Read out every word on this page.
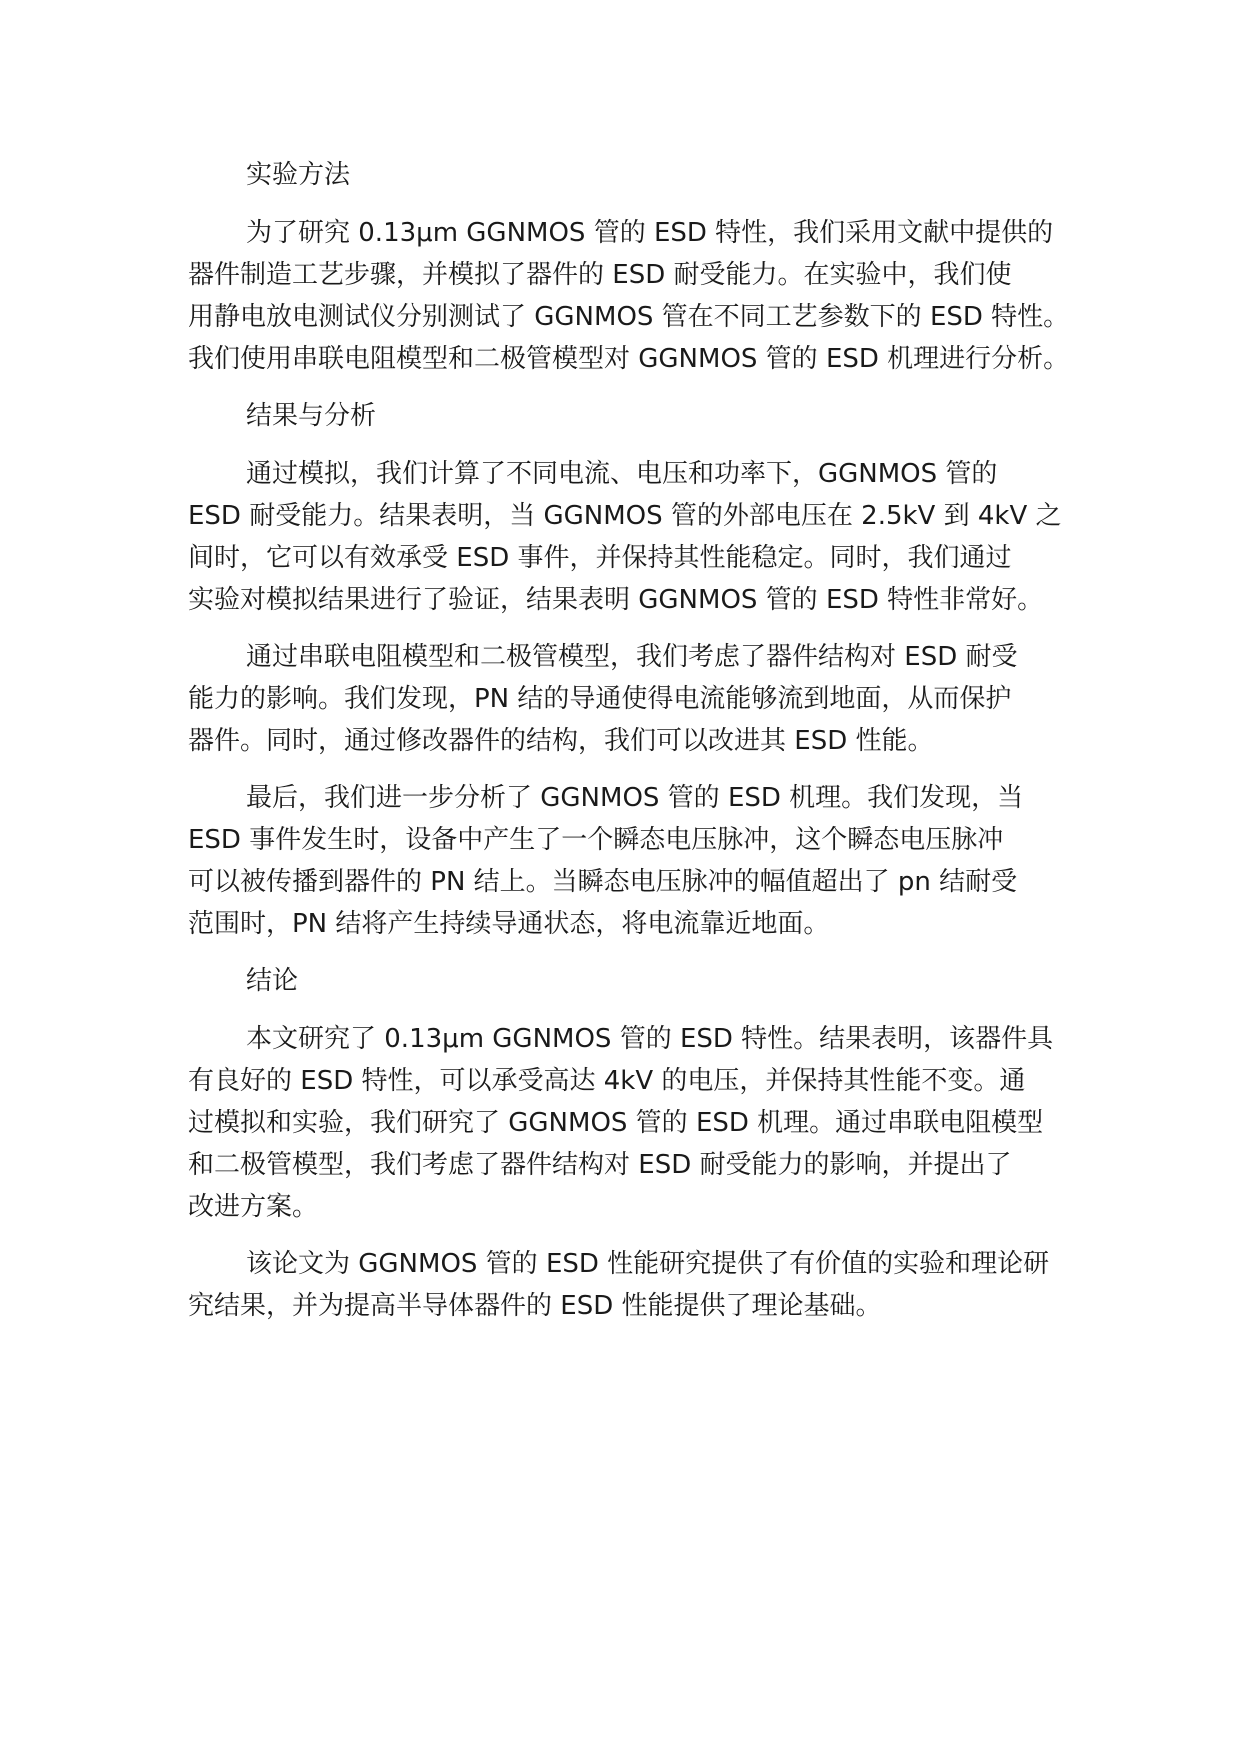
实验方法
为了研究 0.13μm GGNMOS 管的 ESD 特性，我们采用文献中提供的
器件制造工艺步骤，并模拟了器件的 ESD 耐受能力。在实验中，我们使
用静电放电测试仪分别测试了 GGNMOS 管在不同工艺参数下的 ESD 特性。
我们使用串联电阻模型和二极管模型对 GGNMOS 管的 ESD 机理进行分析。
结果与分析
通过模拟，我们计算了不同电流、电压和功率下，GGNMOS 管的
ESD 耐受能力。结果表明，当 GGNMOS 管的外部电压在 2.5kV 到 4kV 之
间时，它可以有效承受 ESD 事件，并保持其性能稳定。同时，我们通过
实验对模拟结果进行了验证，结果表明 GGNMOS 管的 ESD 特性非常好。
通过串联电阻模型和二极管模型，我们考虑了器件结构对 ESD 耐受
能力的影响。我们发现，PN 结的导通使得电流能够流到地面，从而保护
器件。同时，通过修改器件的结构，我们可以改进其 ESD 性能。
最后，我们进一步分析了 GGNMOS 管的 ESD 机理。我们发现，当
ESD 事件发生时，设备中产生了一个瞬态电压脉冲，这个瞬态电压脉冲
可以被传播到器件的 PN 结上。当瞬态电压脉冲的幅值超出了 pn 结耐受
范围时，PN 结将产生持续导通状态，将电流靠近地面。
结论
本文研究了 0.13μm GGNMOS 管的 ESD 特性。结果表明，该器件具
有良好的 ESD 特性，可以承受高达 4kV 的电压，并保持其性能不变。通
过模拟和实验，我们研究了 GGNMOS 管的 ESD 机理。通过串联电阻模型
和二极管模型，我们考虑了器件结构对 ESD 耐受能力的影响，并提出了
改进方案。
该论文为 GGNMOS 管的 ESD 性能研究提供了有价值的实验和理论研
究结果，并为提高半导体器件的 ESD 性能提供了理论基础。
